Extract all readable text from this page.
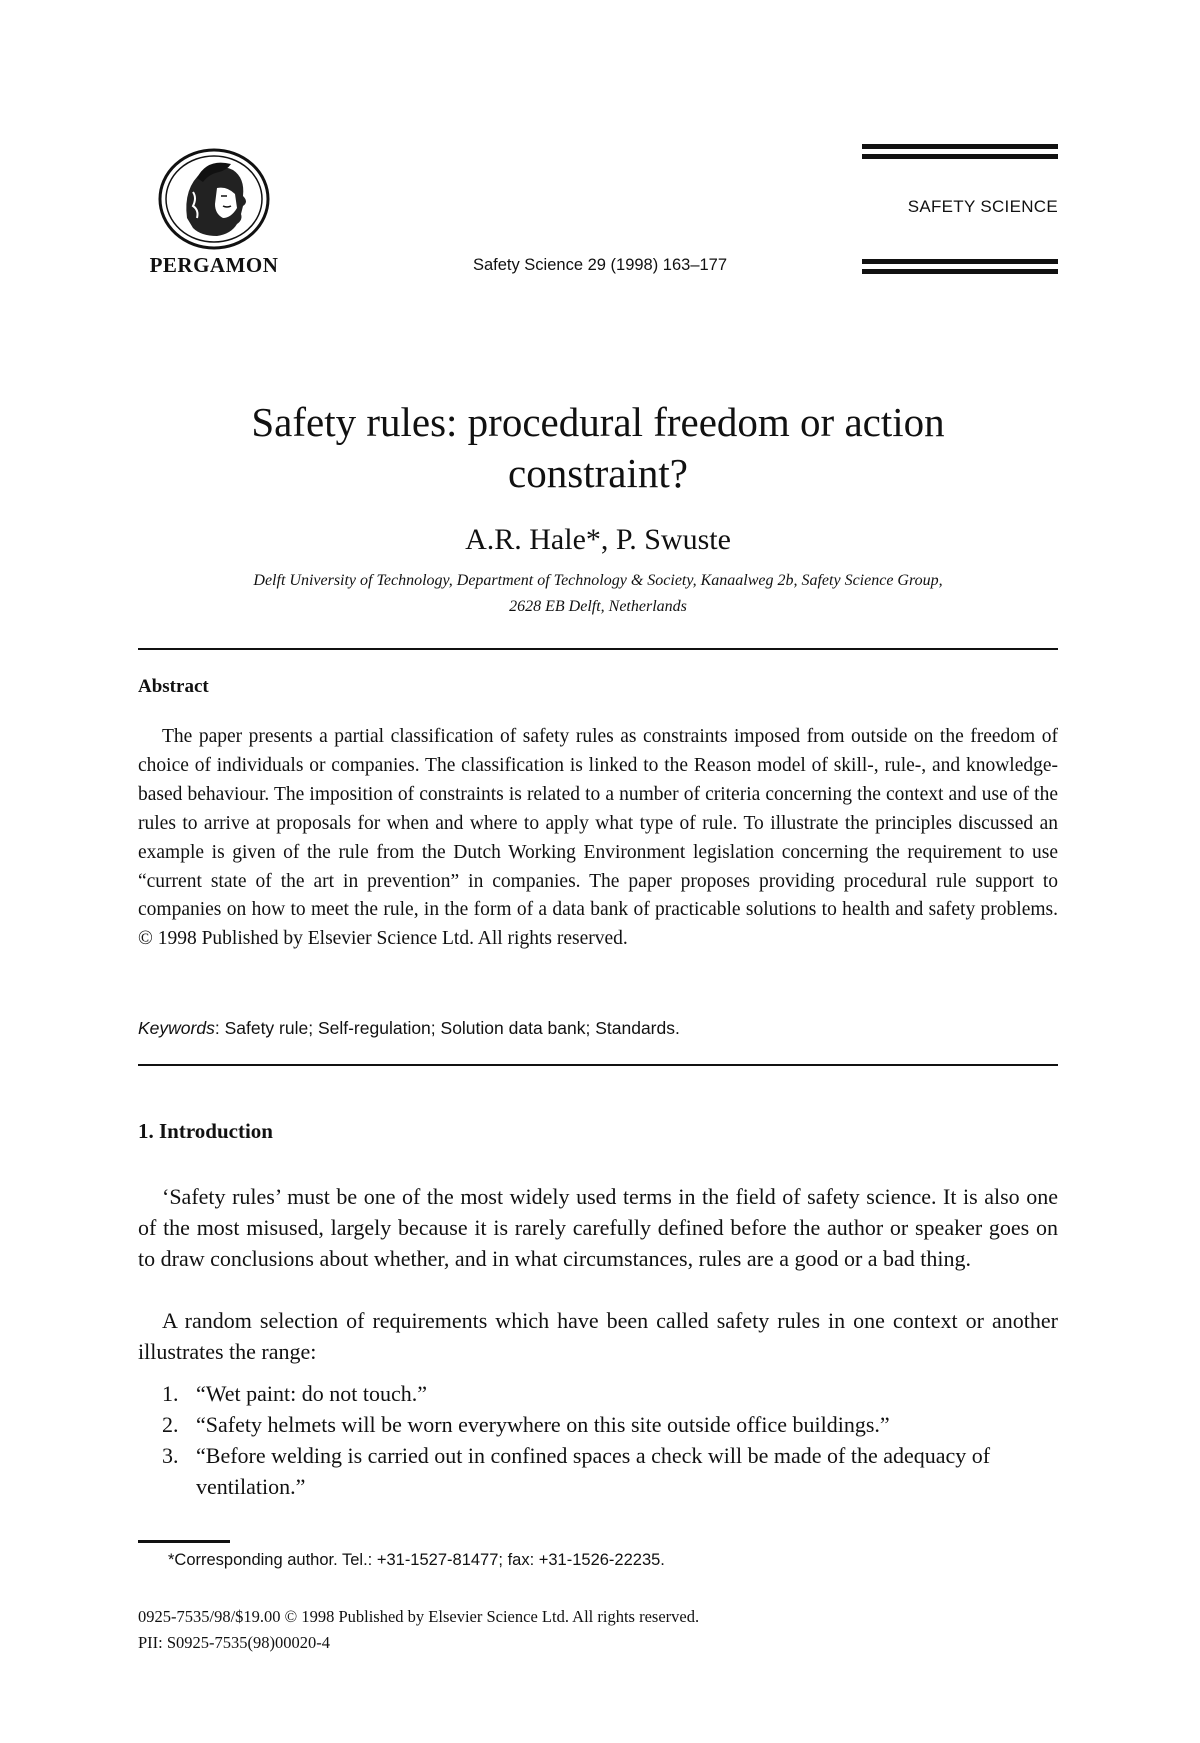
PERGAMON	Safety Science 29 (1998) 163–177
SAFETY SCIENCE
Safety rules: procedural freedom or action
constraint?
A.R. Hale*, P. Swuste
Delft University of Technology, Department of Technology & Society, Kanaalweg 2b, Safety Science Group,
2628 EB Delft, Netherlands
Abstract
The paper presents a partial classification of safety rules as constraints imposed from outside on the freedom of choice of individuals or companies. The classification is linked to the Reason model of skill-, rule-, and knowledge-based behaviour. The imposition of constraints is related to a number of criteria concerning the context and use of the rules to arrive at proposals for when and where to apply what type of rule. To illustrate the principles discussed an example is given of the rule from the Dutch Working Environment legislation concerning the requirement to use “current state of the art in prevention” in companies. The paper proposes providing procedural rule support to companies on how to meet the rule, in the form of a data bank of practicable solutions to health and safety problems. © 1998 Published by Elsevier Science Ltd. All rights reserved.
Keywords: Safety rule; Self-regulation; Solution data bank; Standards.
1. Introduction
‘Safety rules’ must be one of the most widely used terms in the field of safety science. It is also one of the most misused, largely because it is rarely carefully defined before the author or speaker goes on to draw conclusions about whether, and in what circumstances, rules are a good or a bad thing.
A random selection of requirements which have been called safety rules in one context or another illustrates the range:
1. “Wet paint: do not touch.”
2. “Safety helmets will be worn everywhere on this site outside office buildings.”
3. “Before welding is carried out in confined spaces a check will be made of the adequacy of ventilation.”
*Corresponding author. Tel.: +31-1527-81477; fax: +31-1526-22235.
0925-7535/98/$19.00 © 1998 Published by Elsevier Science Ltd. All rights reserved.
PII: S0925-7535(98)00020-4
